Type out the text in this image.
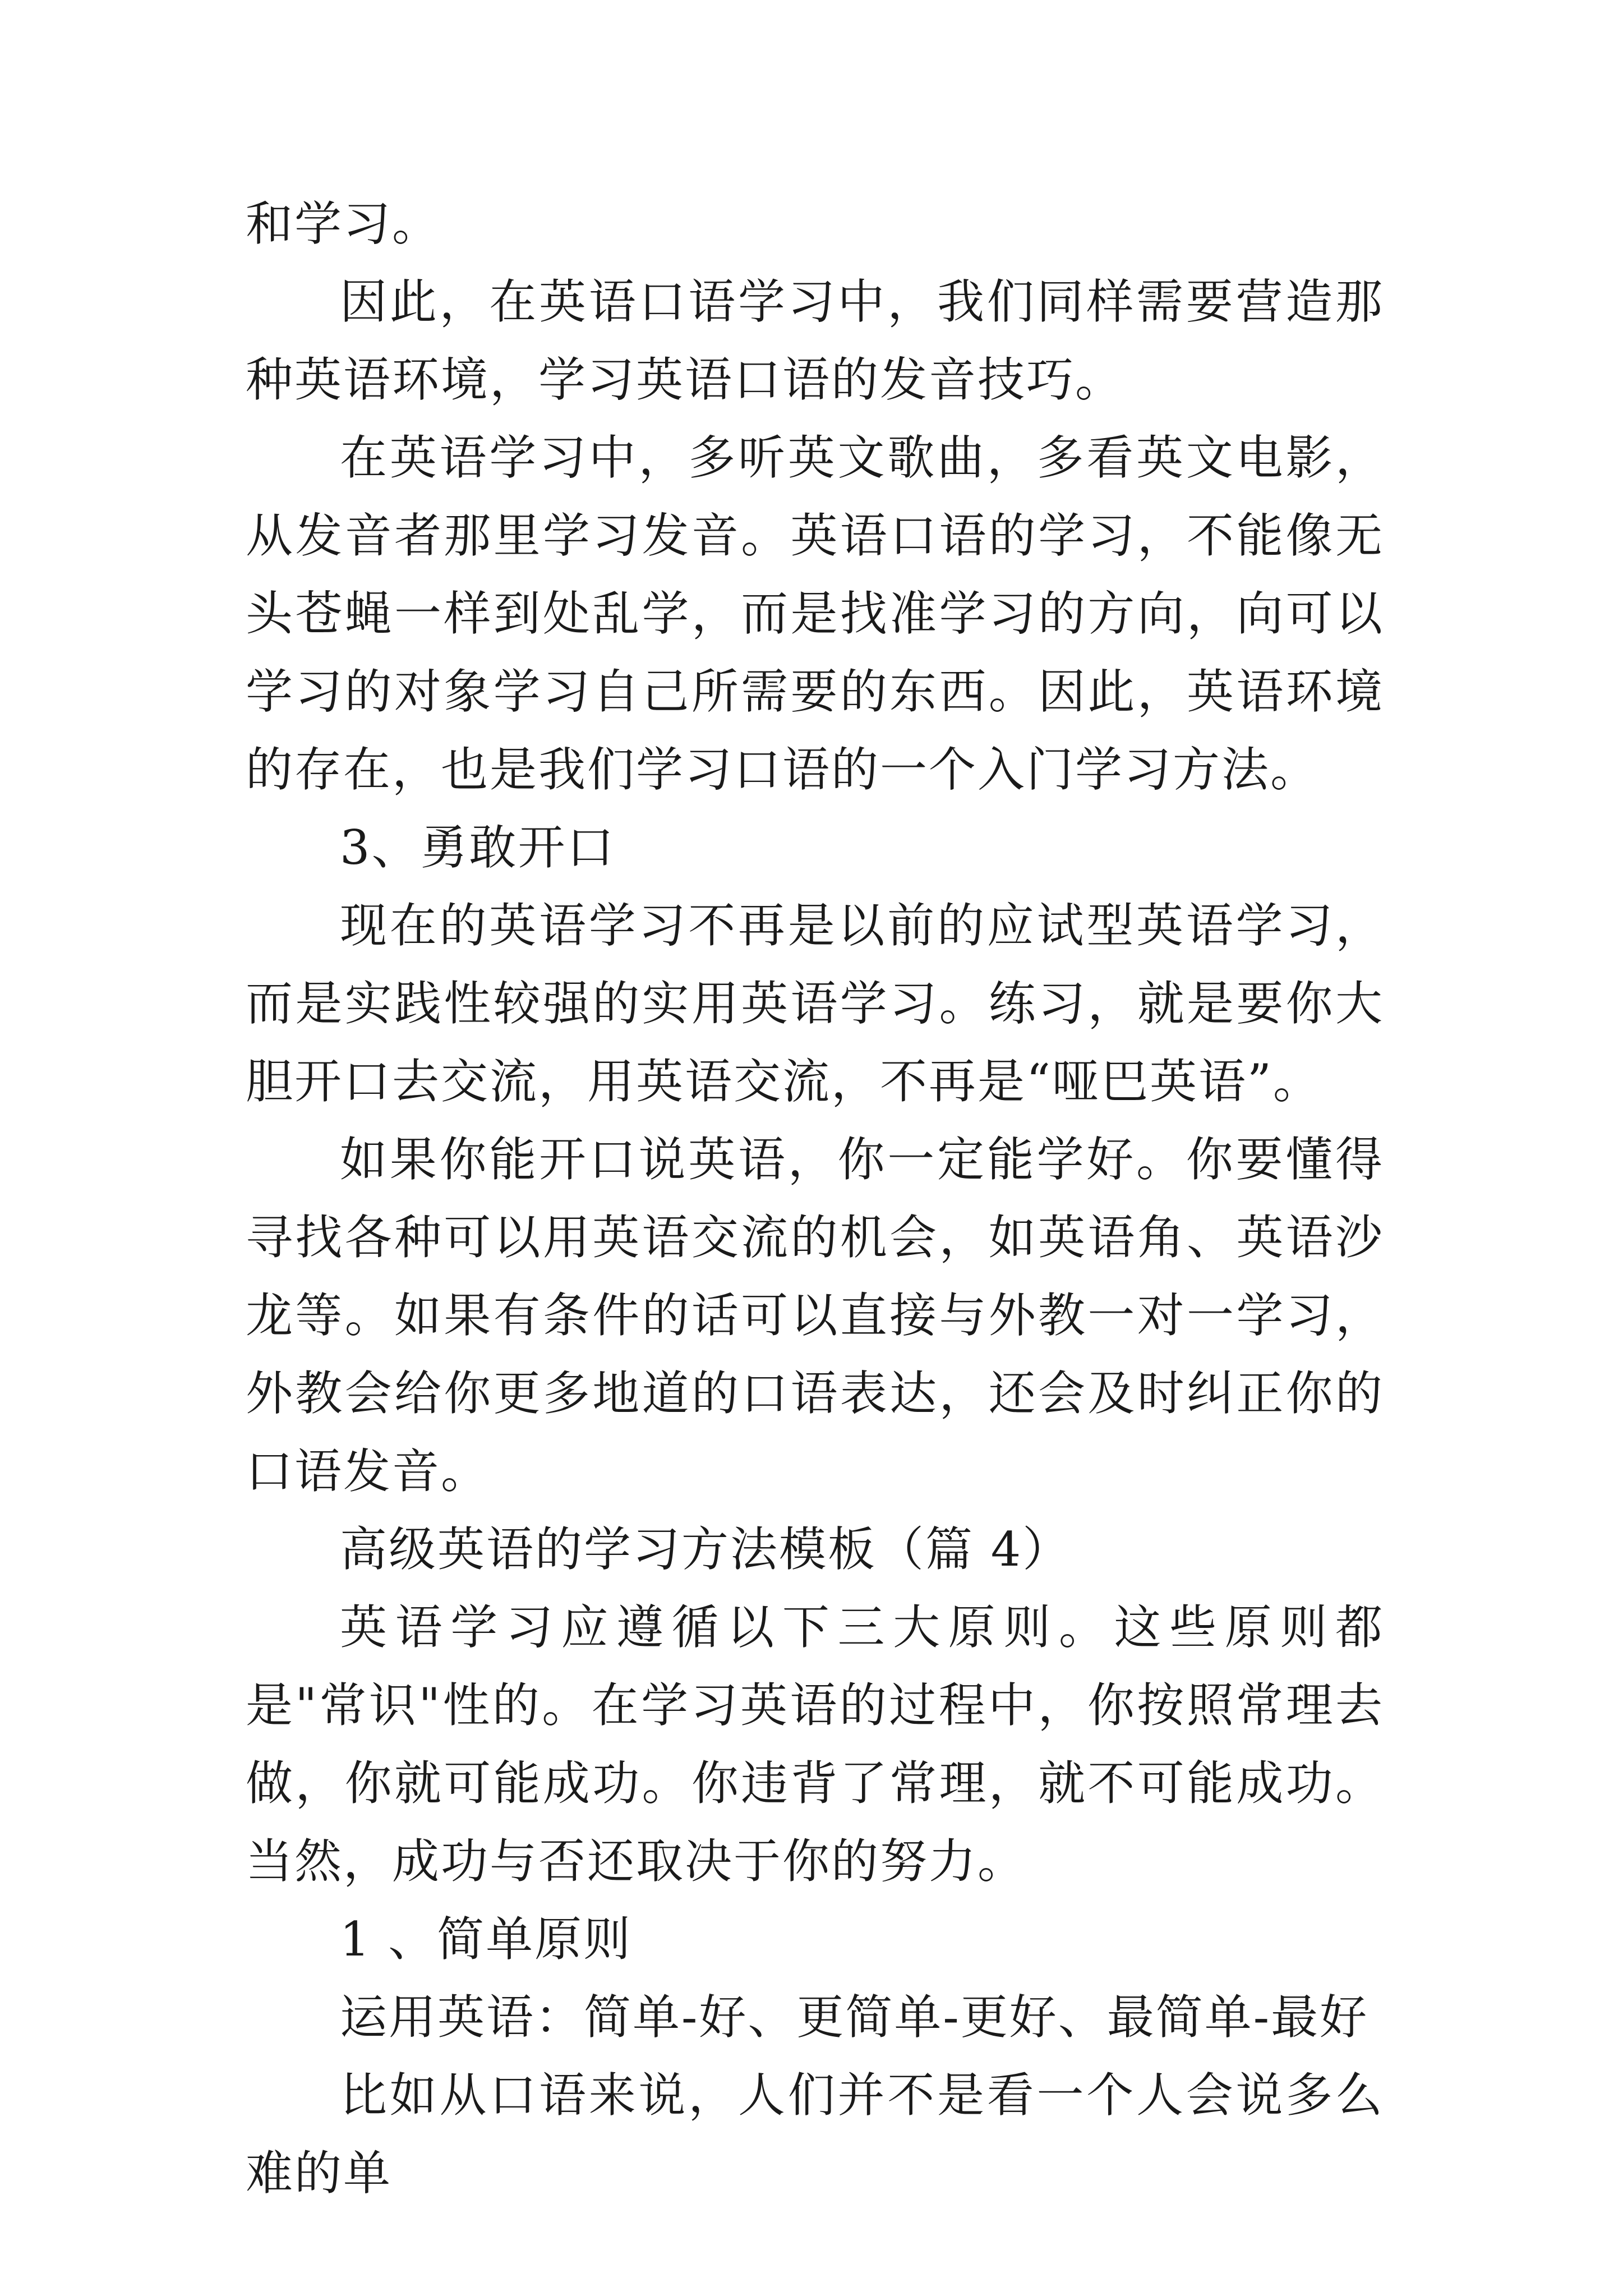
和学习。

因此，在英语口语学习中，我们同样需要营造那种英语环境，学习英语口语的发音技巧。

在英语学习中，多听英文歌曲，多看英文电影，从发音者那里学习发音。英语口语的学习，不能像无头苍蝇一样到处乱学，而是找准学习的方向，向可以学习的对象学习自己所需要的东西。因此，英语环境的存在，也是我们学习口语的一个入门学习方法。

3、勇敢开口

现在的英语学习不再是以前的应试型英语学习，而是实践性较强的实用英语学习。练习，就是要你大胆开口去交流，用英语交流，不再是“哑巴英语”。

如果你能开口说英语，你一定能学好。你要懂得寻找各种可以用英语交流的机会，如英语角、英语沙龙等。如果有条件的话可以直接与外教一对一学习，外教会给你更多地道的口语表达，还会及时纠正你的口语发音。

高级英语的学习方法模板（篇 4）

英语学习应遵循以下三大原则。这些原则都是"常识"性的。在学习英语的过程中，你按照常理去做，你就可能成功。你违背了常理，就不可能成功。当然，成功与否还取决于你的努力。

1 、简单原则

运用英语：简单-好、更简单-更好、最简单-最好

比如从口语来说，人们并不是看一个人会说多么难的单
